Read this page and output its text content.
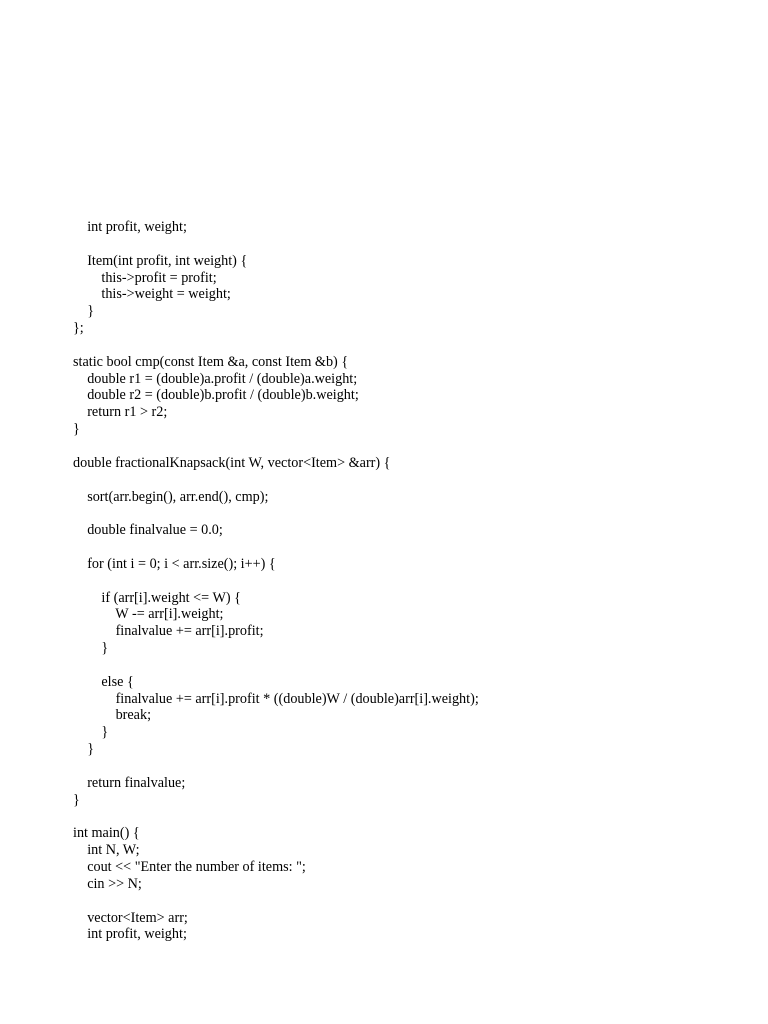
int profit, weight;
Item(int profit, int weight) {
this->profit = profit;
this->weight = weight;
}
};
static bool cmp(const Item &a, const Item &b) {
double r1 = (double)a.profit / (double)a.weight;
double r2 = (double)b.profit / (double)b.weight;
return r1 > r2;
}
double fractionalKnapsack(int W, vector<Item> &arr) {
sort(arr.begin(), arr.end(), cmp);
double finalvalue = 0.0;
for (int i = 0; i < arr.size(); i++) {
if (arr[i].weight <= W) {
W -= arr[i].weight;
finalvalue += arr[i].profit;
}
else {
finalvalue += arr[i].profit * ((double)W / (double)arr[i].weight);
break;
}
}
return finalvalue;
}
int main() {
int N, W;
cout << "Enter the number of items: ";
cin >> N;
vector<Item> arr;
int profit, weight;
